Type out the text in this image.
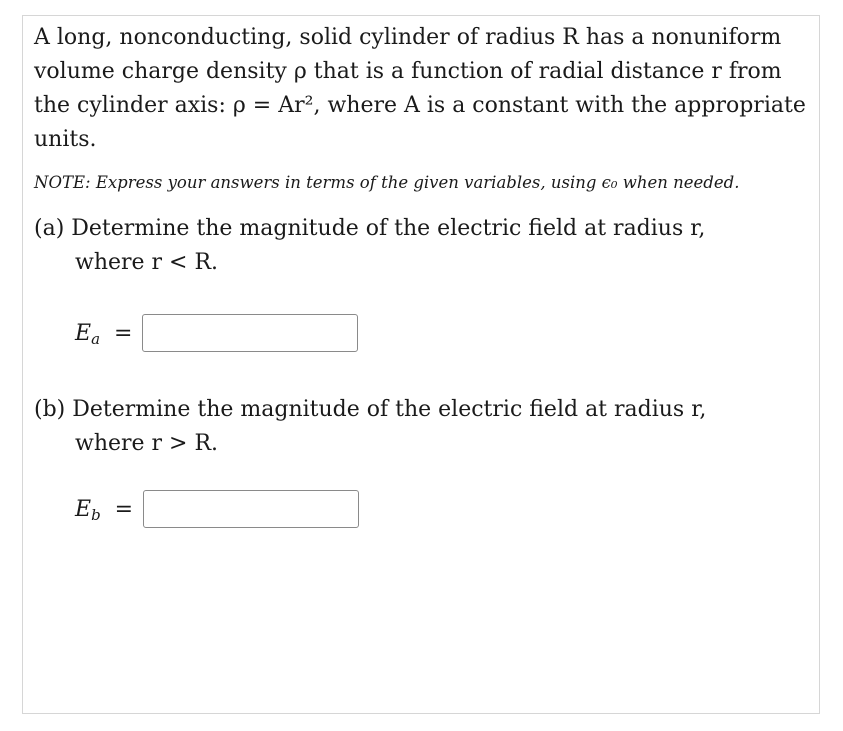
A long, nonconducting, solid cylinder of radius R has a nonuniform volume charge density ρ that is a function of radial distance r from the cylinder axis: ρ = Ar², where A is a constant with the appropriate units.

NOTE: Express your answers in terms of the given variables, using ϵ₀ when needed.

(a) Determine the magnitude of the electric field at radius r,
where r < R.

E a =

(b) Determine the magnitude of the electric field at radius r,
where r > R.

E b =
